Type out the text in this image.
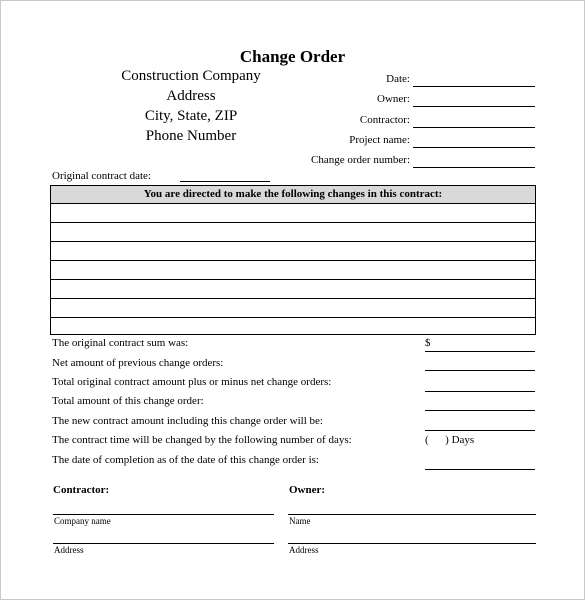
Change Order
Construction Company
Address
City, State, ZIP
Phone Number
Date:
Owner:
Contractor:
Project name:
Change order number:
Original contract date:
You are directed to make the following changes in this contract:
The original contract sum was:	$
Net amount of previous change orders:
Total original contract amount plus or minus net change orders:
Total amount of this change order:
The new contract amount including this change order will be:
The contract time will be changed by the following number of days:	(      ) Days
The date of completion as of the date of this change order is:
Contractor:	Owner:
Company name	Name
Address	Address
